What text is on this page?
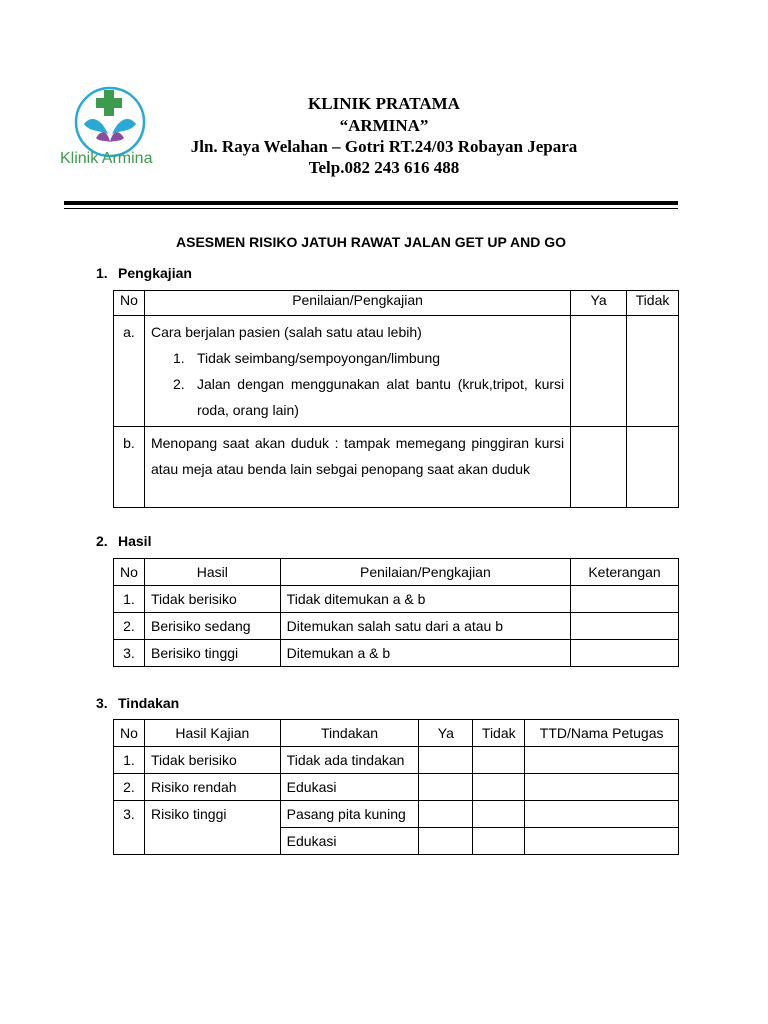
Klinik Armina
KLINIK PRATAMA
“ARMINA”
Jln. Raya Welahan – Gotri RT.24/03 Robayan Jepara
Telp.082 243 616 488
ASESMEN RISIKO JATUH RAWAT JALAN GET UP AND GO
1. Pengkajian
No	Penilaian/Pengkajian	Ya	Tidak
a.	Cara berjalan pasien (salah satu atau lebih)
1. Tidak seimbang/sempoyongan/limbung
2. Jalan dengan menggunakan alat bantu (kruk,tripot, kursi roda, orang lain)		

b.	Menopang saat akan duduk : tampak memegang pinggiran kursi atau meja atau benda lain sebgai penopang saat akan duduk		
2. Hasil
No	Hasil	Penilaian/Pengkajian	Keterangan
1.	Tidak berisiko	Tidak ditemukan a & b	
2.	Berisiko sedang	Ditemukan salah satu dari a atau b	
3.	Berisiko tinggi	Ditemukan a & b	
3. Tindakan
No	Hasil Kajian	Tindakan	Ya	Tidak	TTD/Nama Petugas
1.	Tidak berisiko	Tidak ada tindakan			
2.	Risiko rendah	Edukasi			
3.	Risiko tinggi	Pasang pita kuning			
		Edukasi			
